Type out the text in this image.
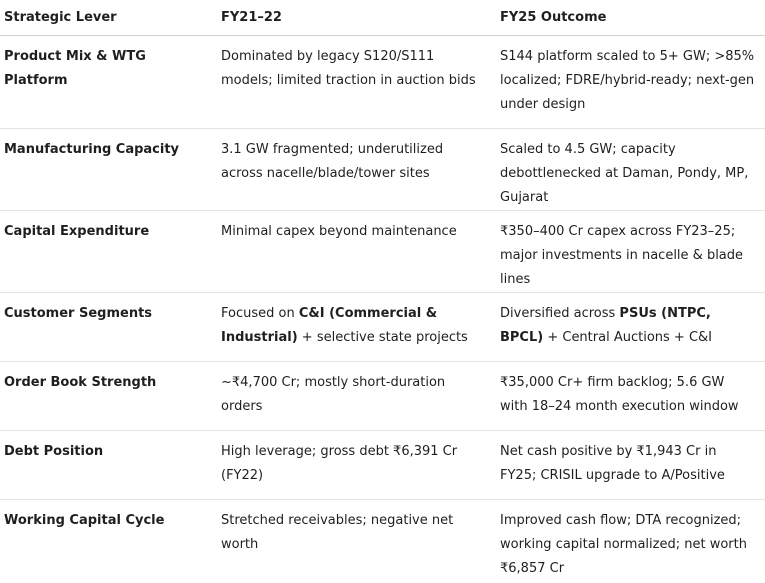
Strategic Lever	FY21–22	FY25 Outcome
Product Mix & WTG Platform	Dominated by legacy S120/S111 models; limited traction in auction bids	S144 platform scaled to 5+ GW; >85% localized; FDRE/hybrid-ready; next-gen under design
Manufacturing Capacity	3.1 GW fragmented; underutilized across nacelle/blade/tower sites	Scaled to 4.5 GW; capacity debottlenecked at Daman, Pondy, MP, Gujarat
Capital Expenditure	Minimal capex beyond maintenance	₹350–400 Cr capex across FY23–25; major investments in nacelle & blade lines
Customer Segments	Focused on C&I (Commercial & Industrial) + selective state projects	Diversified across PSUs (NTPC, BPCL) + Central Auctions + C&I
Order Book Strength	~₹4,700 Cr; mostly short-duration orders	₹35,000 Cr+ firm backlog; 5.6 GW with 18–24 month execution window
Debt Position	High leverage; gross debt ₹6,391 Cr (FY22)	Net cash positive by ₹1,943 Cr in FY25; CRISIL upgrade to A/Positive
Working Capital Cycle	Stretched receivables; negative net worth	Improved cash flow; DTA recognized; working capital normalized; net worth ₹6,857 Cr
